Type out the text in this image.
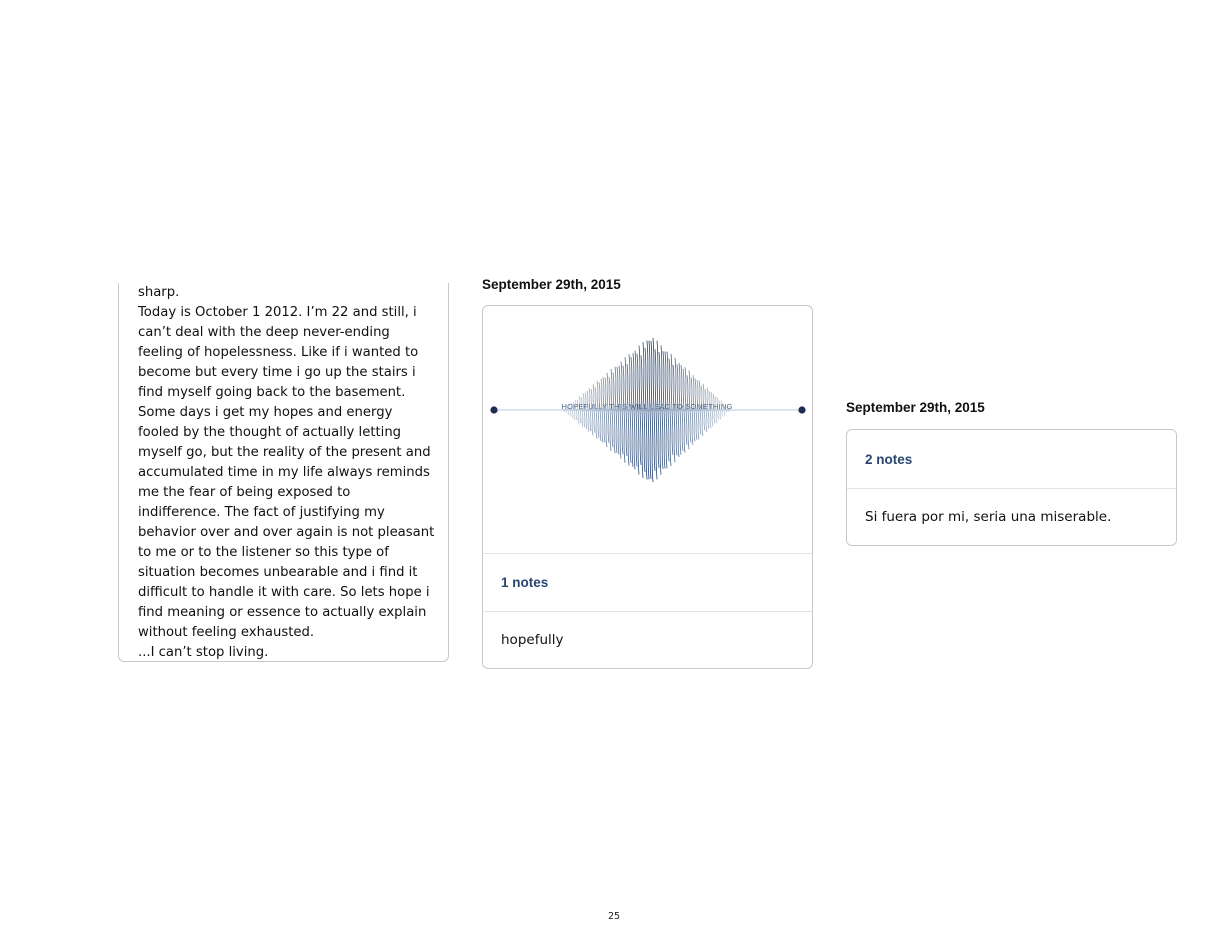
sharp.

Today is October 1 2012. I’m 22 and still, i can’t deal with the deep never-ending feeling of hopelessness. Like if i wanted to become but every time i go up the stairs i find myself going back to the basement. Some days i get my hopes and energy fooled by the thought of actually letting myself go, but the reality of the present and accumulated time in my life always reminds me the fear of being exposed to indifference. The fact of justifying my behavior over and over again is not pleasant to me or to the listener so this type of situation becomes unbearable and i find it difficult to handle it with care. So lets hope i find meaning or essence to actually explain without feeling exhausted.

...I can’t stop living.

September 29th, 2015
HOPEFULLY THIS WILL LEAD TO SOMETHING
1 notes
hopefully
September 29th, 2015
2 notes
Si fuera por mi, seria una miserable.
25
